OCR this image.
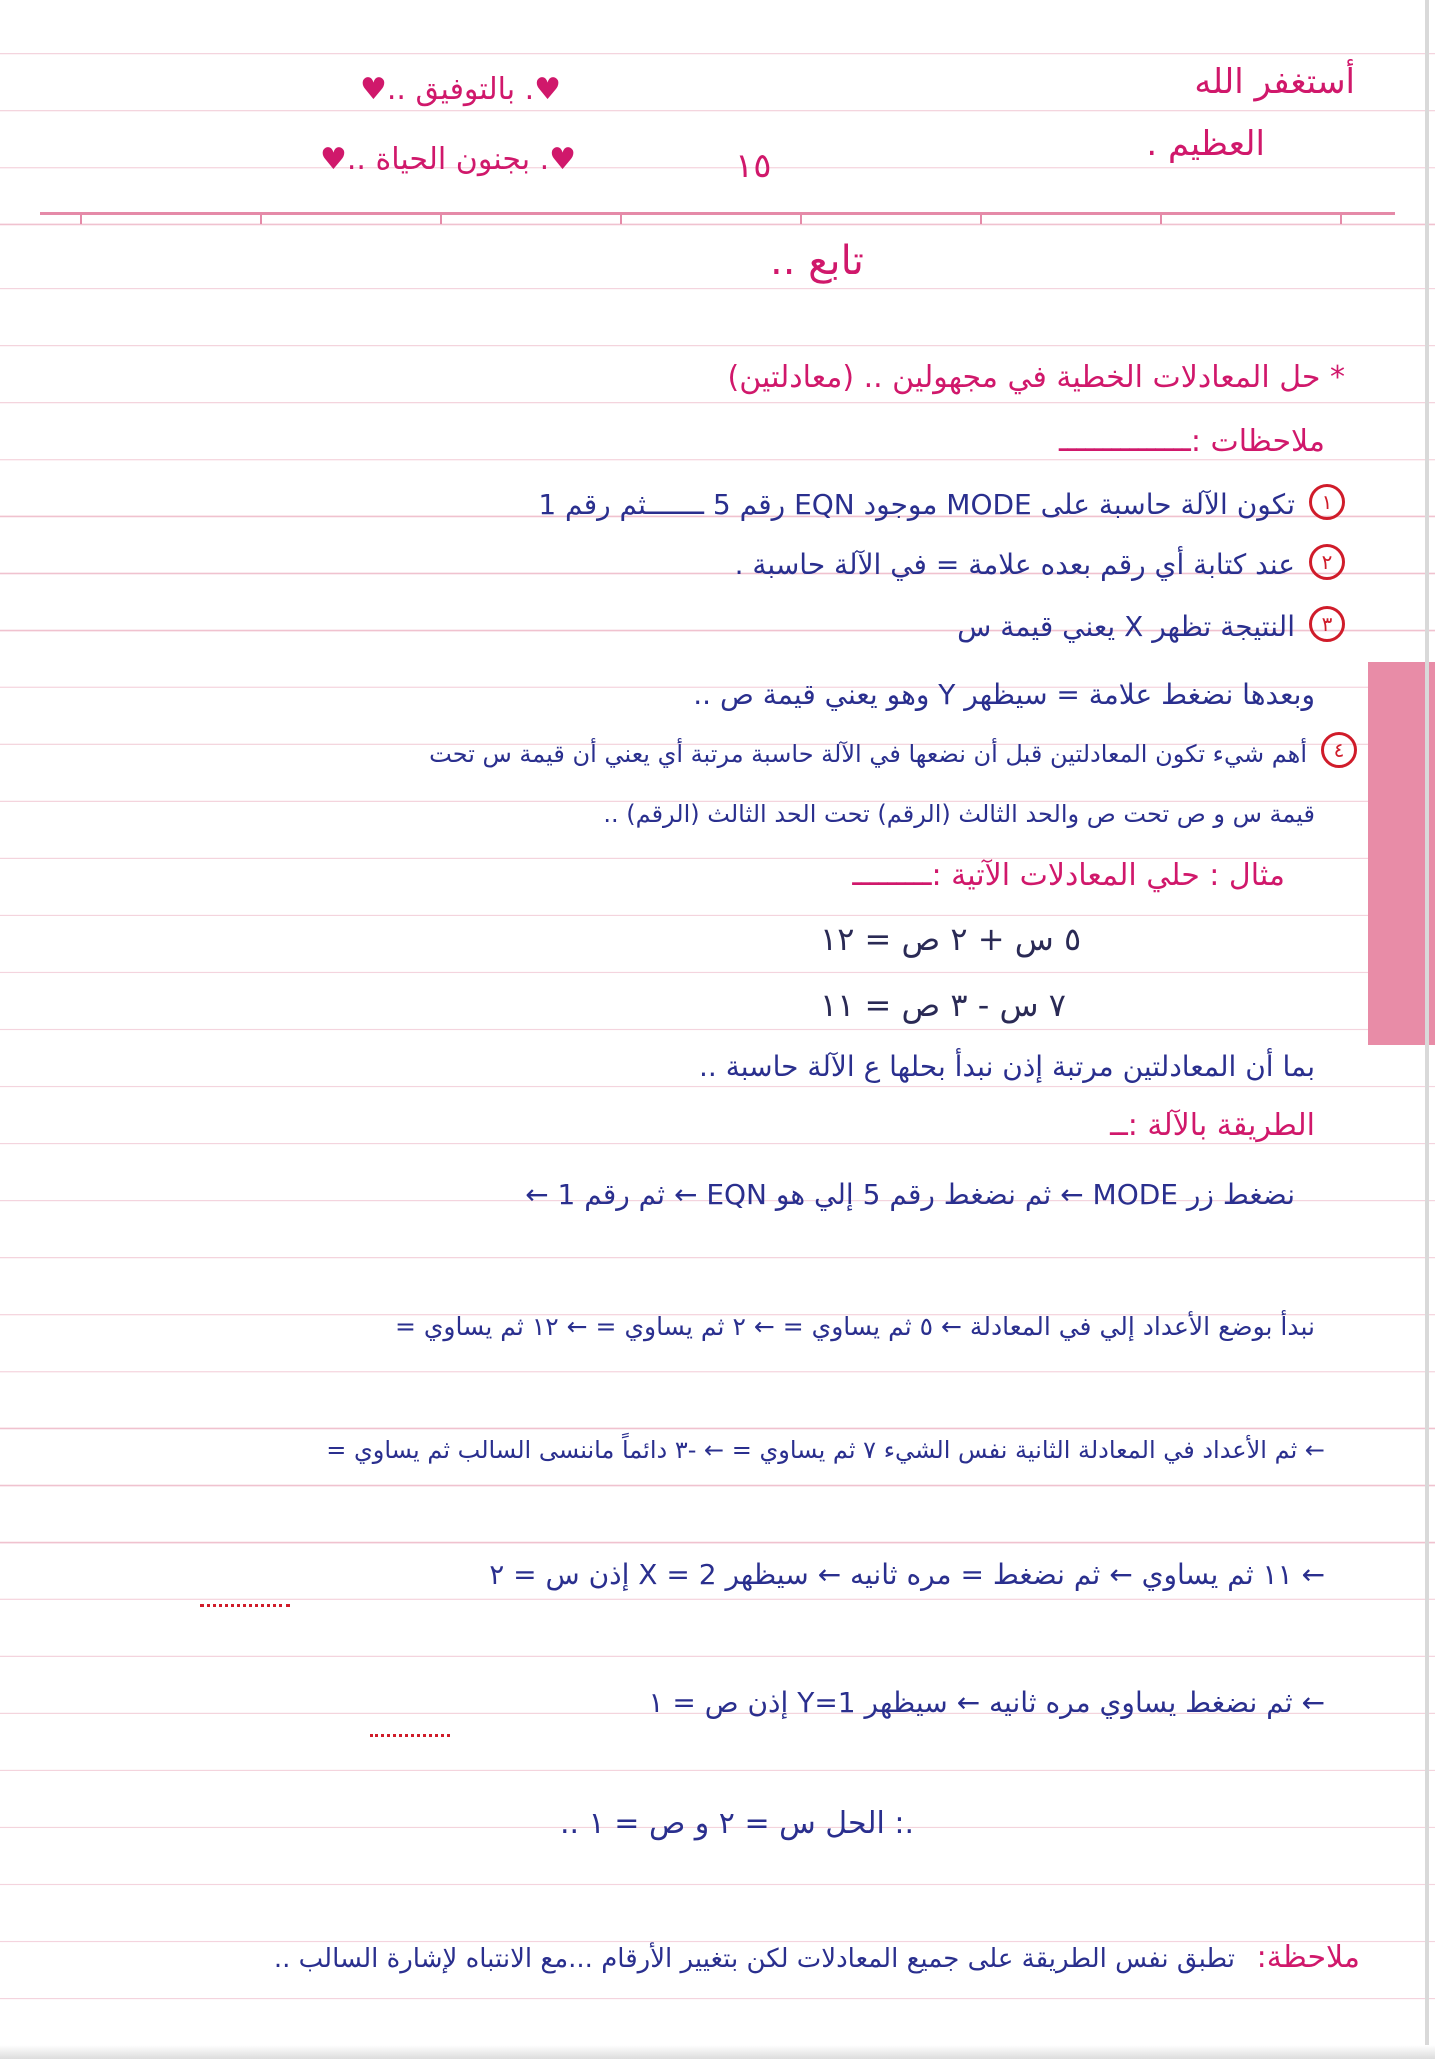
أستغفر الله
العظيم .
♥. بالتوفيق ..♥
♥. بجنون الحياة ..♥	١٥
تابع ..
* حل المعادلات الخطية في مجهولين .. (معادلتين)
ملاحظات :ـــــــــــــــ
١
تكون الآلة حاسبة على MODE موجود EQN رقم 5 ـــــــثم رقم 1
٢
عند كتابة أي رقم بعده علامة = في الآلة حاسبة .
٣
النتيجة تظهر X يعني قيمة س
وبعدها نضغط علامة = سيظهر Y وهو يعني قيمة ص ..
٤
أهم شيء تكون المعادلتين قبل أن نضعها في الآلة حاسبة مرتبة أي يعني أن قيمة س تحت
قيمة س و ص تحت ص والحد الثالث (الرقم) تحت الحد الثالث (الرقم) ..
مثال : حلي المعادلات الآتية :ـــــــــ
٥ س + ٢ ص = ١٢
٧ س - ٣ ص = ١١
بما أن المعادلتين مرتبة إذن نبدأ بحلها ع الآلة حاسبة ..
الطريقة بالآلة :ــ
نضغط زر MODE ← ثم نضغط رقم 5 إلي هو EQN ← ثم رقم 1 ←
نبدأ بوضع الأعداد إلي في المعادلة ← ٥ ثم يساوي = ← ٢ ثم يساوي = ← ١٢ ثم يساوي =
← ثم الأعداد في المعادلة الثانية نفس الشيء ٧ ثم يساوي = ← -٣ دائماً ماننسى السالب ثم يساوي =
← ١١ ثم يساوي ← ثم نضغط = مره ثانيه ← سيظهر X = 2 إذن س = ٢
← ثم نضغط يساوي مره ثانيه ← سيظهر Y=1 إذن ص = ١
.: الحل س = ٢ و ص = ١ ..
ملاحظة:
تطبق نفس الطريقة على جميع المعادلات لكن بتغيير الأرقام ...مع الانتباه لإشارة السالب ..
